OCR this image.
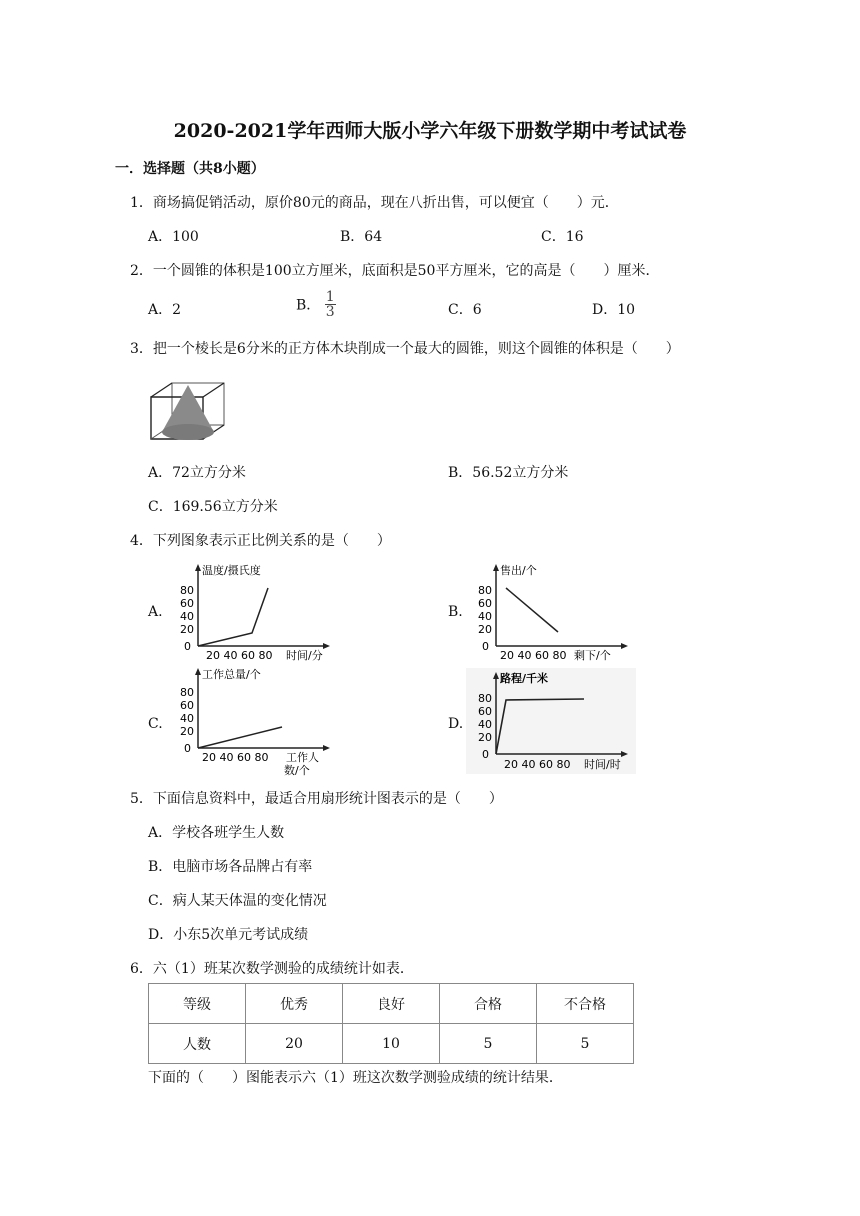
2020-2021学年西师大版小学六年级下册数学期中考试试卷
一．选择题（共8小题）
1．商场搞促销活动，原价80元的商品，现在八折出售，可以便宜（　　）元．
A．100	B．64	C．16
2．一个圆锥的体积是100立方厘米，底面积是50平方厘米，它的高是（　　）厘米．
A．2	B． $\frac{1}{3}$	C．6	D．10
3．把一个棱长是6分米的正方体木块削成一个最大的圆锥，则这个圆锥的体积是（　　）
A．72立方分米	B．56.52立方分米
C．169.56立方分米
4．下列图象表示正比例关系的是（　　）
A.
温度/摄氏度
80
60
40
20
0
20 40 60 80 时间/分
B.
售出/个
80
60
40
20
0
20 40 60 80 剩下/个
C.
工作总量/个
80
60
40
20
0
20 40 60 80 工作人
数/个
D.
路程/千米
80
60
40
20
0
20 40 60 80 时间/时
5．下面信息资料中，最适合用扇形统计图表示的是（　　）
A．学校各班学生人数
B．电脑市场各品牌占有率
C．病人某天体温的变化情况
D．小东5次单元考试成绩
6．六（1）班某次数学测验的成绩统计如表．
等级	优秀	良好	合格	不合格
人数	20	10	5	5
下面的（　　）图能表示六（1）班这次数学测验成绩的统计结果．
